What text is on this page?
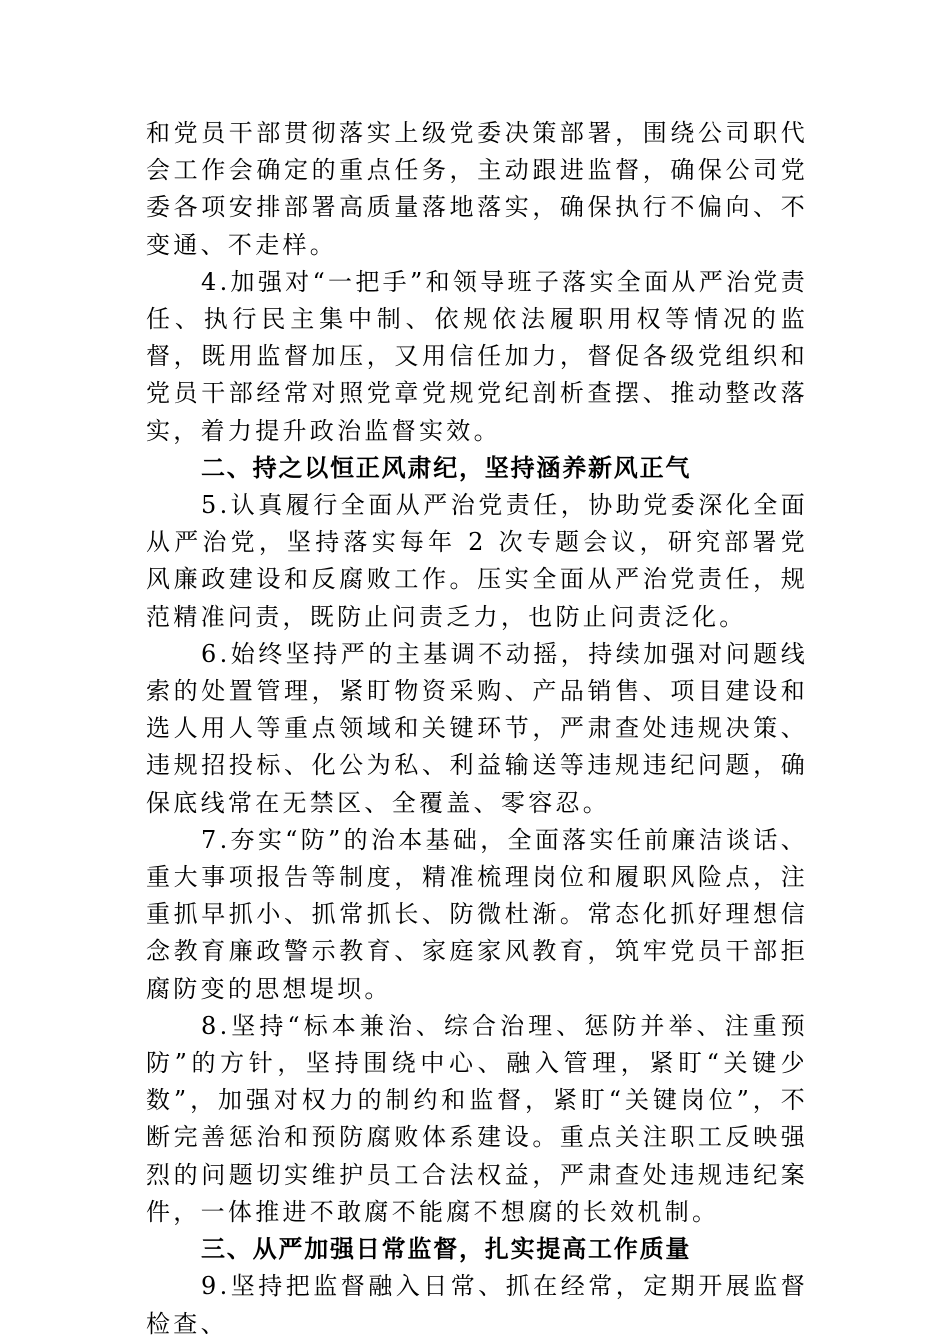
和党员干部贯彻落实上级党委决策部署，围绕公司职代会工作会确定的重点任务，主动跟进监督，确保公司党委各项安排部署高质量落地落实，确保执行不偏向、不变通、不走样。

4.加强对“一把手”和领导班子落实全面从严治党责任、执行民主集中制、依规依法履职用权等情况的监督，既用监督加压，又用信任加力，督促各级党组织和党员干部经常对照党章党规党纪剖析查摆、推动整改落实，着力提升政治监督实效。

二、持之以恒正风肃纪，坚持涵养新风正气

5.认真履行全面从严治党责任，协助党委深化全面从严治党，坚持落实每年 2 次专题会议，研究部署党风廉政建设和反腐败工作。压实全面从严治党责任，规范精准问责，既防止问责乏力，也防止问责泛化。

6.始终坚持严的主基调不动摇，持续加强对问题线索的处置管理，紧盯物资采购、产品销售、项目建设和选人用人等重点领域和关键环节，严肃查处违规决策、违规招投标、化公为私、利益输送等违规违纪问题，确保底线常在无禁区、全覆盖、零容忍。

7.夯实“防”的治本基础，全面落实任前廉洁谈话、重大事项报告等制度，精准梳理岗位和履职风险点，注重抓早抓小、抓常抓长、防微杜渐。常态化抓好理想信念教育廉政警示教育、家庭家风教育，筑牢党员干部拒腐防变的思想堤坝。

8.坚持“标本兼治、综合治理、惩防并举、注重预防”的方针，坚持围绕中心、融入管理，紧盯“关键少数”，加强对权力的制约和监督，紧盯“关键岗位”，不断完善惩治和预防腐败体系建设。重点关注职工反映强烈的问题切实维护员工合法权益，严肃查处违规违纪案件，一体推进不敢腐不能腐不想腐的长效机制。

三、从严加强日常监督，扎实提高工作质量

9.坚持把监督融入日常、抓在经常，定期开展监督检查、
